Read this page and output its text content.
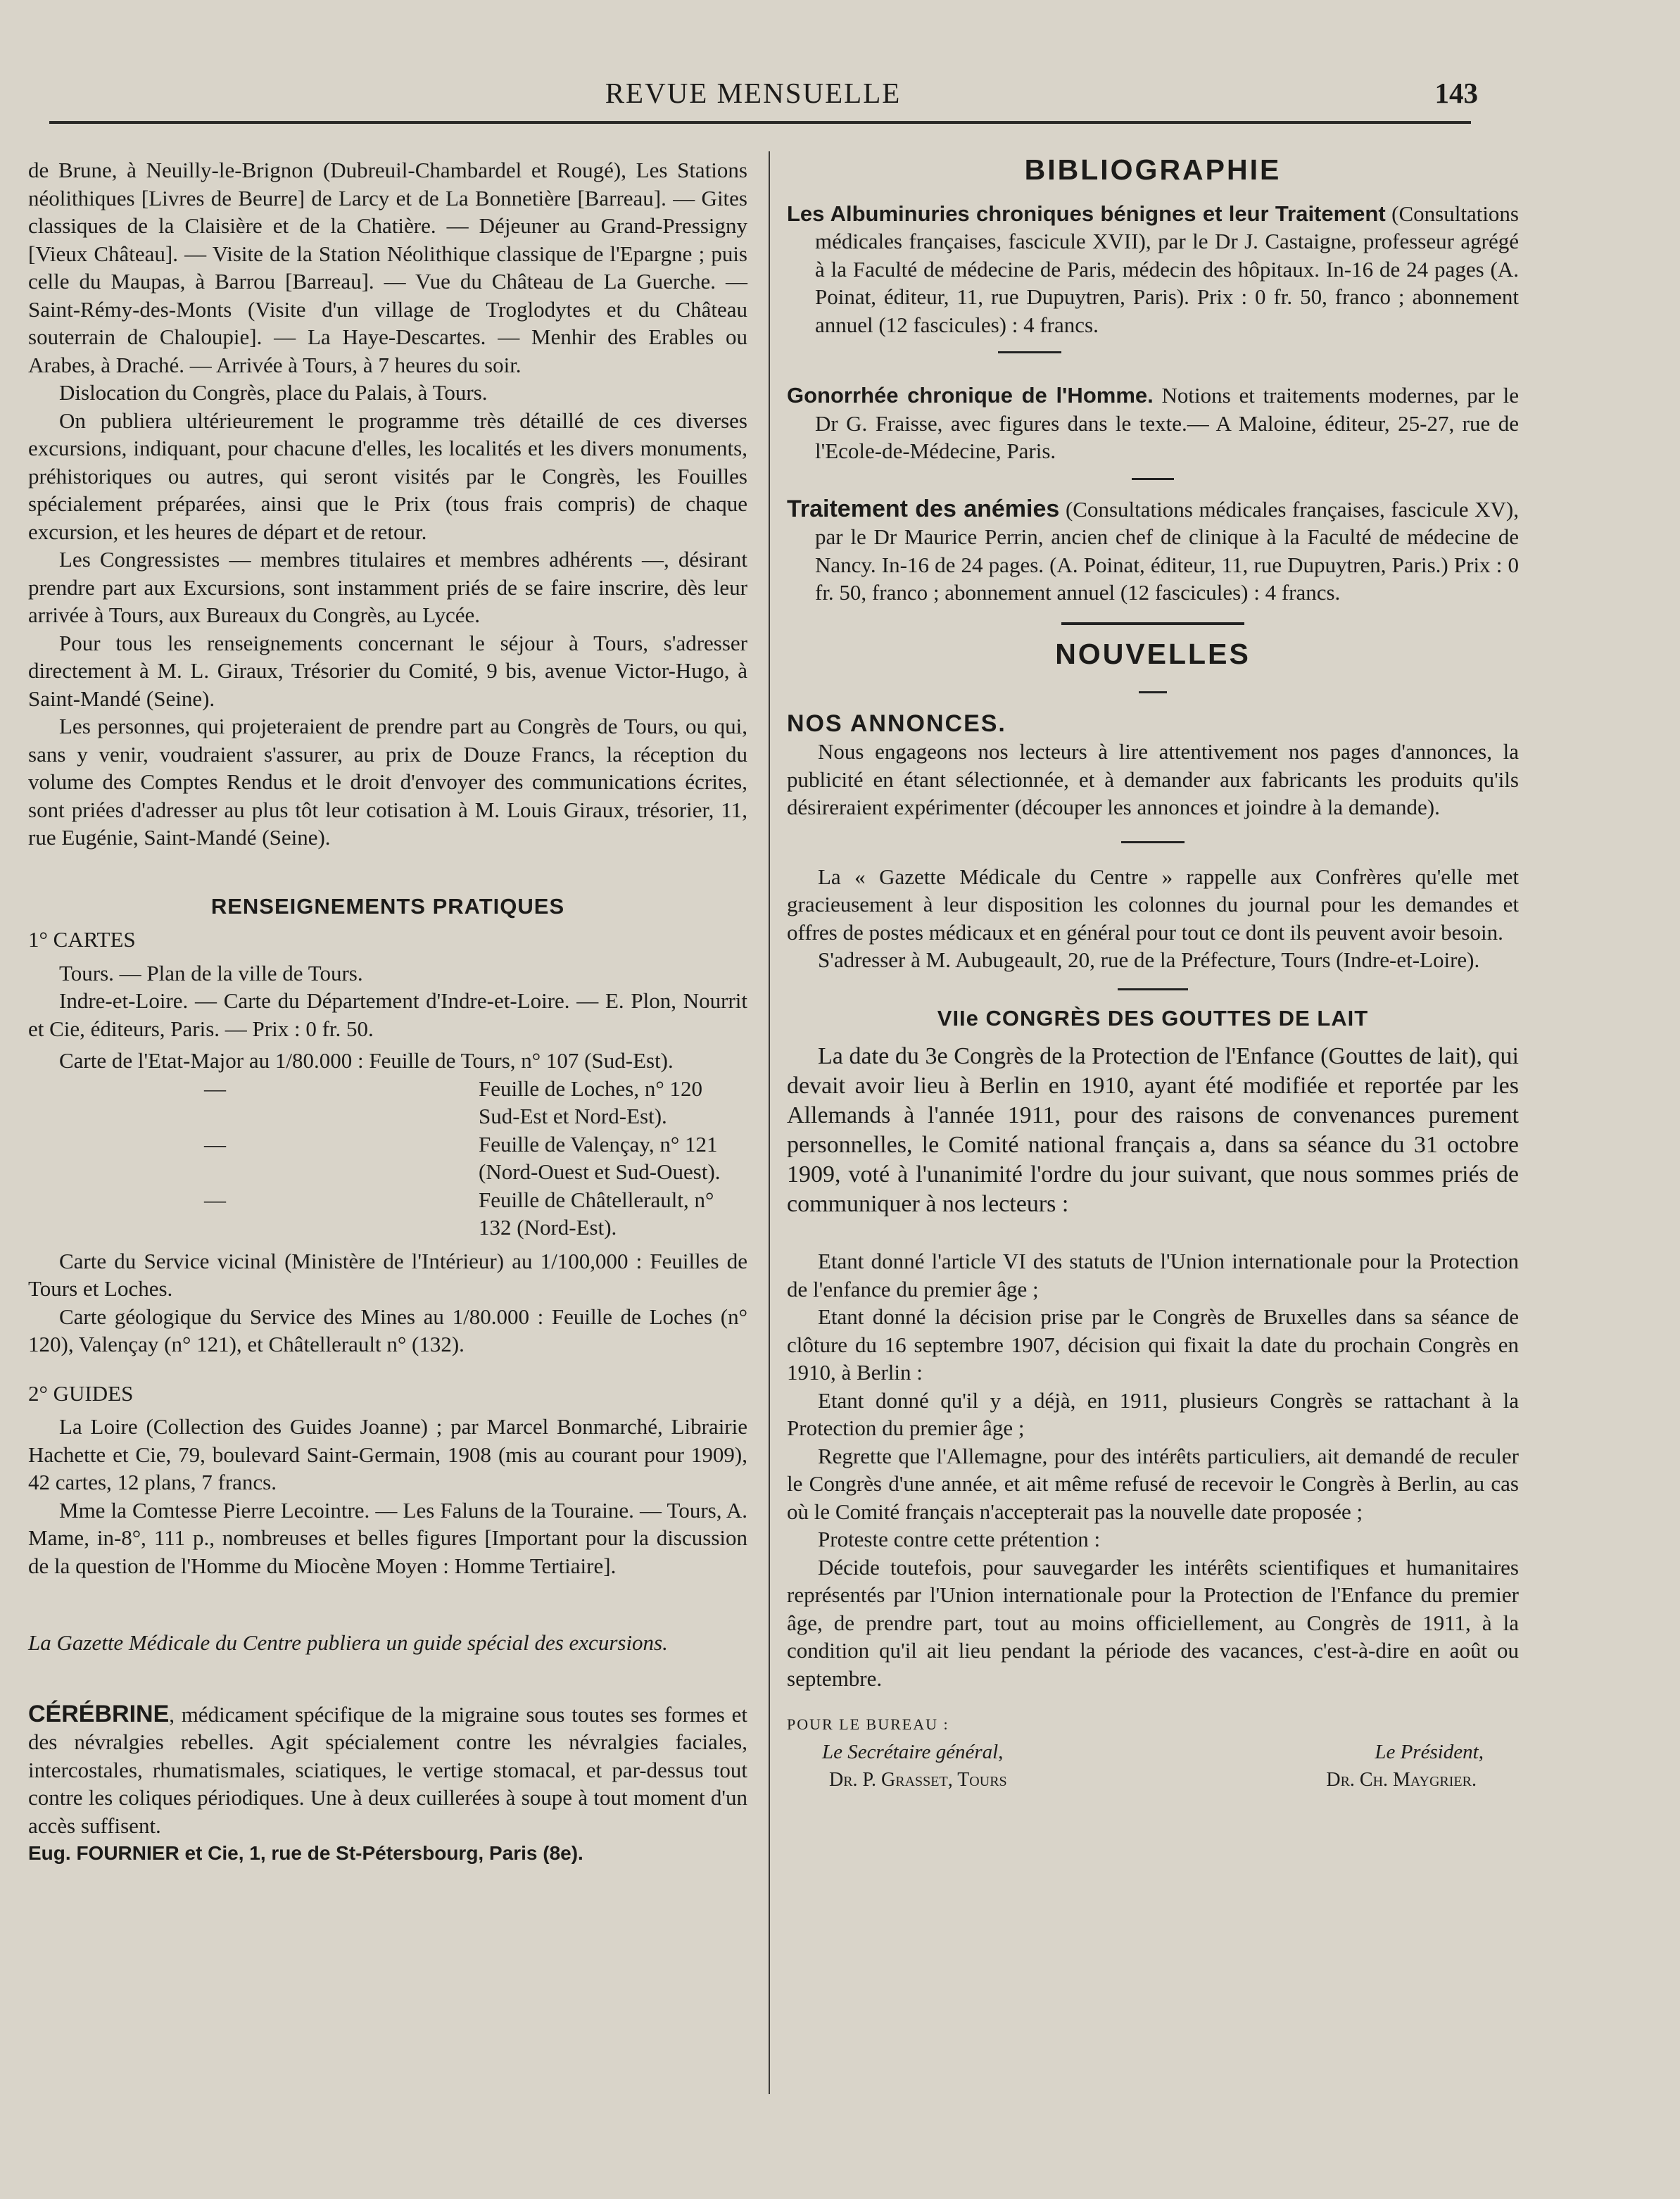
REVUE MENSUELLE	143

de Brune, à Neuilly-le-Brignon (Dubreuil-Chambardel et Rougé), Les Stations néolithiques [Livres de Beurre] de Larcy et de La Bonnetière [Barreau]. — Gites classiques de la Claisière et de la Chatière. — Déjeuner au Grand-Pressigny [Vieux Château]. — Visite de la Station Néolithique classique de l'Epargne ; puis celle du Maupas, à Barrou [Barreau]. — Vue du Château de La Guerche. — Saint-Rémy-des-Monts (Visite d'un village de Troglodytes et du Château souterrain de Chaloupie]. — La Haye-Descartes. — Menhir des Erables ou Arabes, à Draché. — Arrivée à Tours, à 7 heures du soir.

Dislocation du Congrès, place du Palais, à Tours.

On publiera ultérieurement le programme très détaillé de ces diverses excursions, indiquant, pour chacune d'elles, les localités et les divers monuments, préhistoriques ou autres, qui seront visités par le Congrès, les Fouilles spécialement préparées, ainsi que le Prix (tous frais compris) de chaque excursion, et les heures de départ et de retour.

Les Congressistes — membres titulaires et membres adhérents —, désirant prendre part aux Excursions, sont instamment priés de se faire inscrire, dès leur arrivée à Tours, aux Bureaux du Congrès, au Lycée.

Pour tous les renseignements concernant le séjour à Tours, s'adresser directement à M. L. Giraux, Trésorier du Comité, 9 bis, avenue Victor-Hugo, à Saint-Mandé (Seine).

Les personnes, qui projeteraient de prendre part au Congrès de Tours, ou qui, sans y venir, voudraient s'assurer, au prix de Douze Francs, la réception du volume des Comptes Rendus et le droit d'envoyer des communications écrites, sont priées d'adresser au plus tôt leur cotisation à M. Louis Giraux, trésorier, 11, rue Eugénie, Saint-Mandé (Seine).

RENSEIGNEMENTS PRATIQUES

1° CARTES

Tours. — Plan de la ville de Tours.

Indre-et-Loire. — Carte du Département d'Indre-et-Loire. — E. Plon, Nourrit et Cie, éditeurs, Paris. — Prix : 0 fr. 50.

Carte de l'Etat-Major au 1/80.000 : Feuille de Tours, n° 107 (Sud-Est).

—	Feuille de Loches, n° 120 Sud-Est et Nord-Est).
—	Feuille de Valençay, n° 121 (Nord-Ouest et Sud-Ouest).
—	Feuille de Châtellerault, n° 132 (Nord-Est).

Carte du Service vicinal (Ministère de l'Intérieur) au 1/100,000 : Feuilles de Tours et Loches.

Carte géologique du Service des Mines au 1/80.000 : Feuille de Loches (n° 120), Valençay (n° 121), et Châtellerault n° (132).

2° GUIDES

La Loire (Collection des Guides Joanne) ; par Marcel Bonmarché, Librairie Hachette et Cie, 79, boulevard Saint-Germain, 1908 (mis au courant pour 1909), 42 cartes, 12 plans, 7 francs.

Mme la Comtesse Pierre Lecointre. — Les Faluns de la Touraine. — Tours, A. Mame, in-8°, 111 p., nombreuses et belles figures [Important pour la discussion de la question de l'Homme du Miocène Moyen : Homme Tertiaire].

La Gazette Médicale du Centre publiera un guide spécial des excursions.

CÉRÉBRINE, médicament spécifique de la migraine sous toutes ses formes et des névralgies rebelles. Agit spécialement contre les névralgies faciales, intercostales, rhumatismales, sciatiques, le vertige stomacal, et par-dessus tout contre les coliques périodiques. Une à deux cuillerées à soupe à tout moment d'un accès suffisent.

Eug. FOURNIER et Cie, 1, rue de St-Pétersbourg, Paris (8e).

BIBLIOGRAPHIE

Les Albuminuries chroniques bénignes et leur Traitement (Consultations médicales françaises, fascicule XVII), par le Dr J. Castaigne, professeur agrégé à la Faculté de médecine de Paris, médecin des hôpitaux. In-16 de 24 pages (A. Poinat, éditeur, 11, rue Dupuytren, Paris). Prix : 0 fr. 50, franco ; abonnement annuel (12 fascicules) : 4 francs.

Gonorrhée chronique de l'Homme. Notions et traitements modernes, par le Dr G. Fraisse, avec figures dans le texte.— A Maloine, éditeur, 25-27, rue de l'Ecole-de-Médecine, Paris.

Traitement des anémies (Consultations médicales françaises, fascicule XV), par le Dr Maurice Perrin, ancien chef de clinique à la Faculté de médecine de Nancy. In-16 de 24 pages. (A. Poinat, éditeur, 11, rue Dupuytren, Paris.) Prix : 0 fr. 50, franco ; abonnement annuel (12 fascicules) : 4 francs.

NOUVELLES

NOS ANNONCES.

Nous engageons nos lecteurs à lire attentivement nos pages d'annonces, la publicité en étant sélectionnée, et à demander aux fabricants les produits qu'ils désireraient expérimenter (découper les annonces et joindre à la demande).

La « Gazette Médicale du Centre » rappelle aux Confrères qu'elle met gracieusement à leur disposition les colonnes du journal pour les demandes et offres de postes médicaux et en général pour tout ce dont ils peuvent avoir besoin.

S'adresser à M. Aubugeault, 20, rue de la Préfecture, Tours (Indre-et-Loire).

VIIe CONGRÈS DES GOUTTES DE LAIT

La date du 3e Congrès de la Protection de l'Enfance (Gouttes de lait), qui devait avoir lieu à Berlin en 1910, ayant été modifiée et reportée par les Allemands à l'année 1911, pour des raisons de convenances purement personnelles, le Comité national français a, dans sa séance du 31 octobre 1909, voté à l'unanimité l'ordre du jour suivant, que nous sommes priés de communiquer à nos lecteurs :

Etant donné l'article VI des statuts de l'Union internationale pour la Protection de l'enfance du premier âge ;

Etant donné la décision prise par le Congrès de Bruxelles dans sa séance de clôture du 16 septembre 1907, décision qui fixait la date du prochain Congrès en 1910, à Berlin :

Etant donné qu'il y a déjà, en 1911, plusieurs Congrès se rattachant à la Protection du premier âge ;

Regrette que l'Allemagne, pour des intérêts particuliers, ait demandé de reculer le Congrès d'une année, et ait même refusé de recevoir le Congrès à Berlin, au cas où le Comité français n'accepterait pas la nouvelle date proposée ;

Proteste contre cette prétention :

Décide toutefois, pour sauvegarder les intérêts scientifiques et humanitaires représentés par l'Union internationale pour la Protection de l'Enfance du premier âge, de prendre part, tout au moins officiellement, au Congrès de 1911, à la condition qu'il ait lieu pendant la période des vacances, c'est-à-dire en août ou septembre.

POUR LE BUREAU :

Le Secrétaire général,	Le Président,
Dr. P. Grasset, Tours	Dr. Ch. Maygrier.
